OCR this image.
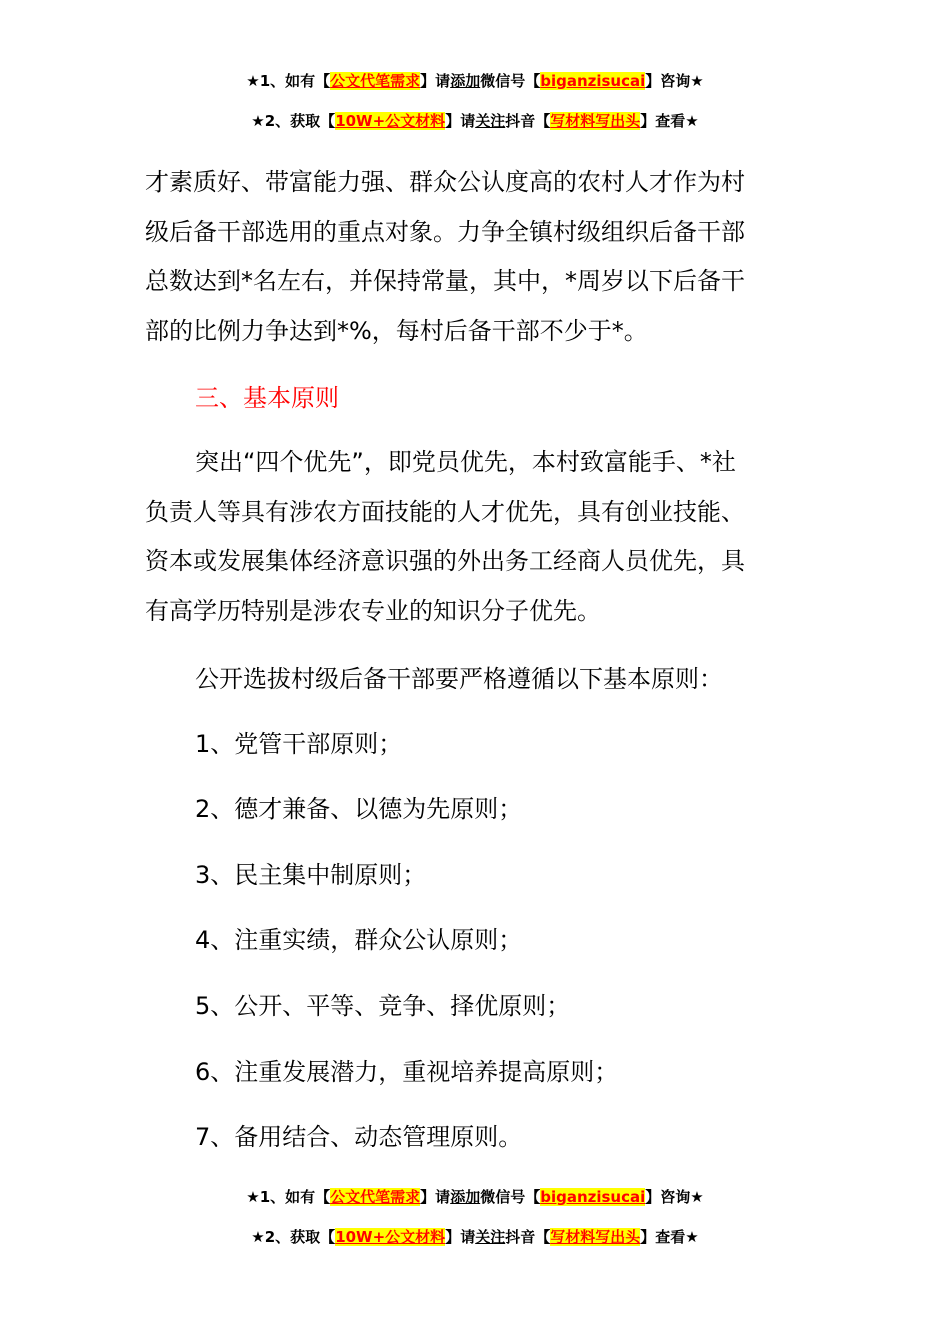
★1、如有【公文代笔需求】请添加微信号【biganzisucai】咨询★
★2、获取【10W+公文材料】请关注抖音【写材料写出头】查看★
才素质好、带富能力强、群众公认度高的农村人才作为村
级后备干部选用的重点对象。力争全镇村级组织后备干部
总数达到*名左右，并保持常量，其中，*周岁以下后备干
部的比例力争达到*%，每村后备干部不少于*。
三、基本原则
突出“四个优先”，即党员优先，本村致富能手、*社
负责人等具有涉农方面技能的人才优先，具有创业技能、
资本或发展集体经济意识强的外出务工经商人员优先，具
有高学历特别是涉农专业的知识分子优先。
公开选拔村级后备干部要严格遵循以下基本原则：
1、党管干部原则；
2、德才兼备、以德为先原则；
3、民主集中制原则；
4、注重实绩，群众公认原则；
5、公开、平等、竞争、择优原则；
6、注重发展潜力，重视培养提高原则；
7、备用结合、动态管理原则。
★1、如有【公文代笔需求】请添加微信号【biganzisucai】咨询★
★2、获取【10W+公文材料】请关注抖音【写材料写出头】查看★
